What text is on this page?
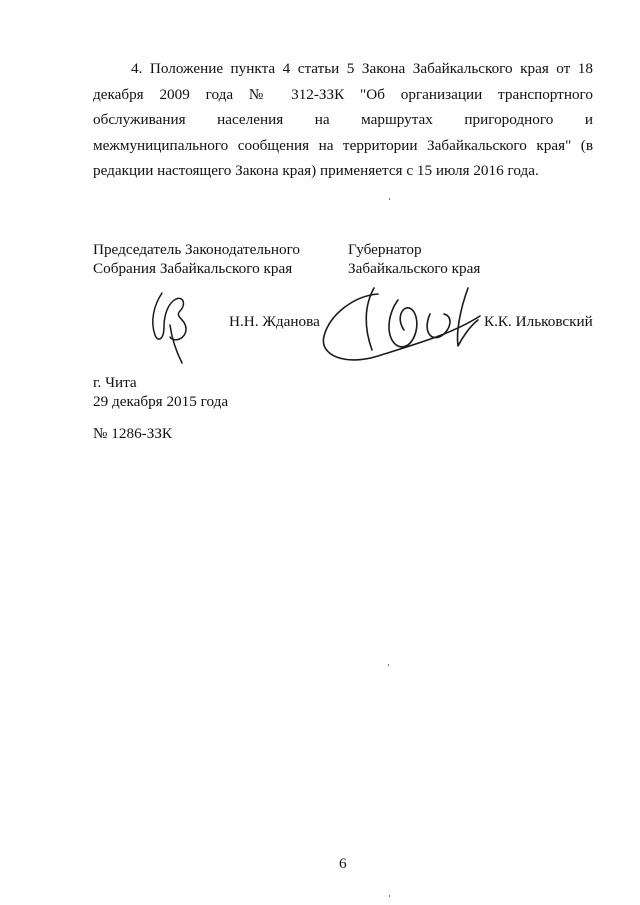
4. Положение пункта 4 статьи 5 Закона Забайкальского края от 18 декабря 2009 года № 312-ЗЗК "Об организации транспортного обслуживания населения на маршрутах пригородного и межмуниципального сообщения на территории Забайкальского края" (в редакции настоящего Закона края) применяется с 15 июля 2016 года.

Председатель Законодательного
Собрания Забайкальского края
Губернатор
Забайкальского края
Н.Н. Жданова	К.К. Ильковский
г. Чита
29 декабря 2015 года
№ 1286-ЗЗК
6
